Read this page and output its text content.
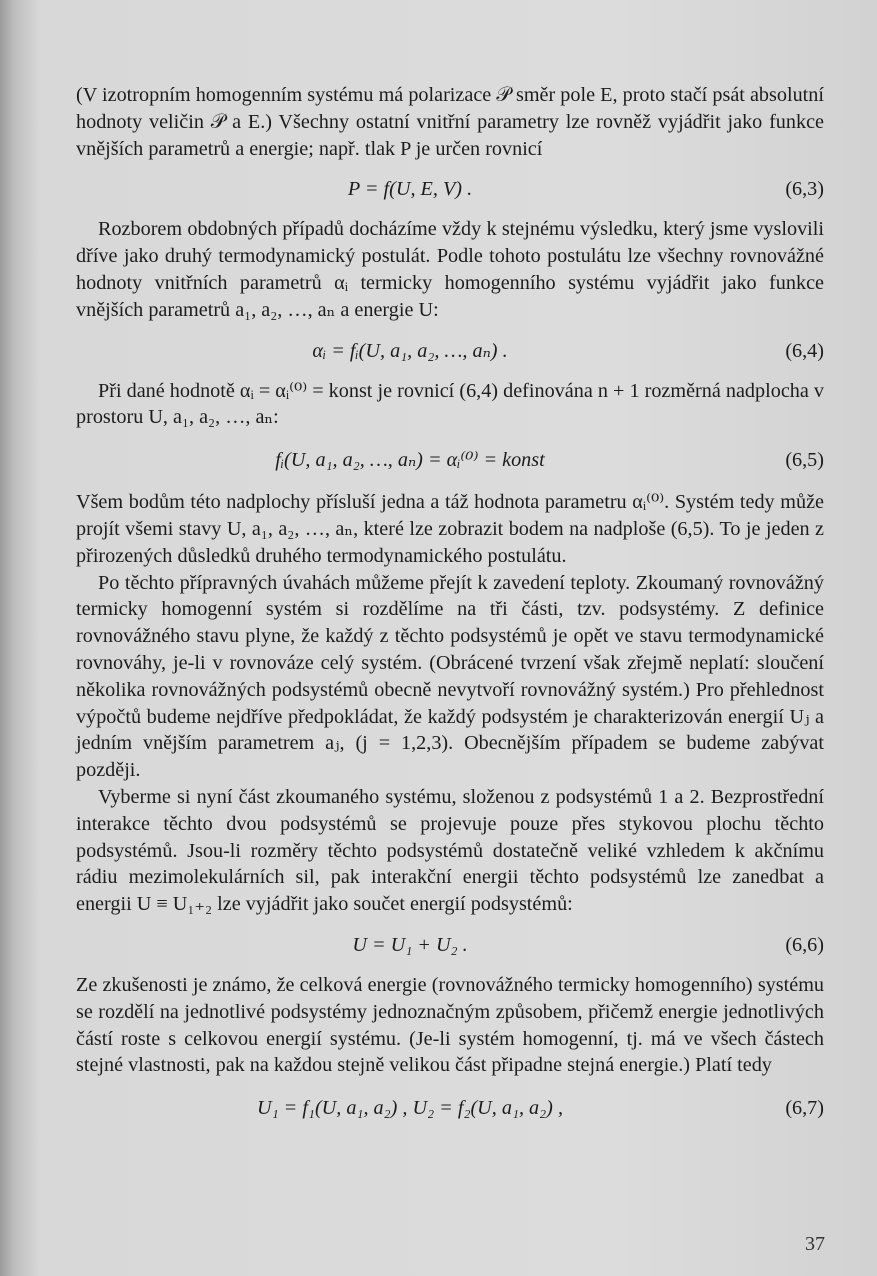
(V izotropním homogenním systému má polarizace 𝒫 směr pole E, proto stačí psát absolutní hodnoty veličin 𝒫 a E.) Všechny ostatní vnitřní parametry lze rovněž vyjádřit jako funkce vnějších parametrů a energie; např. tlak P je určen rovnicí

P = f(U, E, V) .	(6,3)

Rozborem obdobných případů docházíme vždy k stejnému výsledku, který jsme vyslovili dříve jako druhý termodynamický postulát. Podle tohoto postulátu lze všechny rovnovážné hodnoty vnitřních parametrů αᵢ termicky homogenního systému vyjádřit jako funkce vnějších parametrů a₁, a₂, …, aₙ a energie U:

αᵢ = fᵢ(U, a₁, a₂, …, aₙ) .	(6,4)

Při dané hodnotě αᵢ = αᵢ⁽⁰⁾ = konst je rovnicí (6,4) definována n + 1 rozměrná nadplocha v prostoru U, a₁, a₂, …, aₙ:

fᵢ(U, a₁, a₂, …, aₙ) = αᵢ⁽⁰⁾ = konst	(6,5)

Všem bodům této nadplochy přísluší jedna a táž hodnota parametru αᵢ⁽⁰⁾. Systém tedy může projít všemi stavy U, a₁, a₂, …, aₙ, které lze zobrazit bodem na nadploše (6,5). To je jeden z přirozených důsledků druhého termodynamického postulátu.

Po těchto přípravných úvahách můžeme přejít k zavedení teploty. Zkoumaný rovnovážný termicky homogenní systém si rozdělíme na tři části, tzv. podsystémy. Z definice rovnovážného stavu plyne, že každý z těchto podsystémů je opět ve stavu termodynamické rovnováhy, je-li v rovnováze celý systém. (Obrácené tvrzení však zřejmě neplatí: sloučení několika rovnovážných podsystémů obecně nevytvoří rovnovážný systém.) Pro přehlednost výpočtů budeme nejdříve předpokládat, že každý podsystém je charakterizován energií Uⱼ a jedním vnějším parametrem aⱼ, (j = 1,2,3). Obecnějším případem se budeme zabývat později.

Vyberme si nyní část zkoumaného systému, složenou z podsystémů 1 a 2. Bezprostřední interakce těchto dvou podsystémů se projevuje pouze přes stykovou plochu těchto podsystémů. Jsou-li rozměry těchto podsystémů dostatečně veliké vzhledem k akčnímu rádiu mezimolekulárních sil, pak interakční energii těchto podsystémů lze zanedbat a energii U ≡ U₁₊₂ lze vyjádřit jako součet energií podsystémů:

U = U₁ + U₂ .	(6,6)

Ze zkušenosti je známo, že celková energie (rovnovážného termicky homogenního) systému se rozdělí na jednotlivé podsystémy jednoznačným způsobem, přičemž energie jednotlivých částí roste s celkovou energií systému. (Je-li systém homogenní, tj. má ve všech částech stejné vlastnosti, pak na každou stejně velikou část připadne stejná energie.) Platí tedy

U₁ = f₁(U, a₁, a₂) , U₂ = f₂(U, a₁, a₂) ,	(6,7)
37
